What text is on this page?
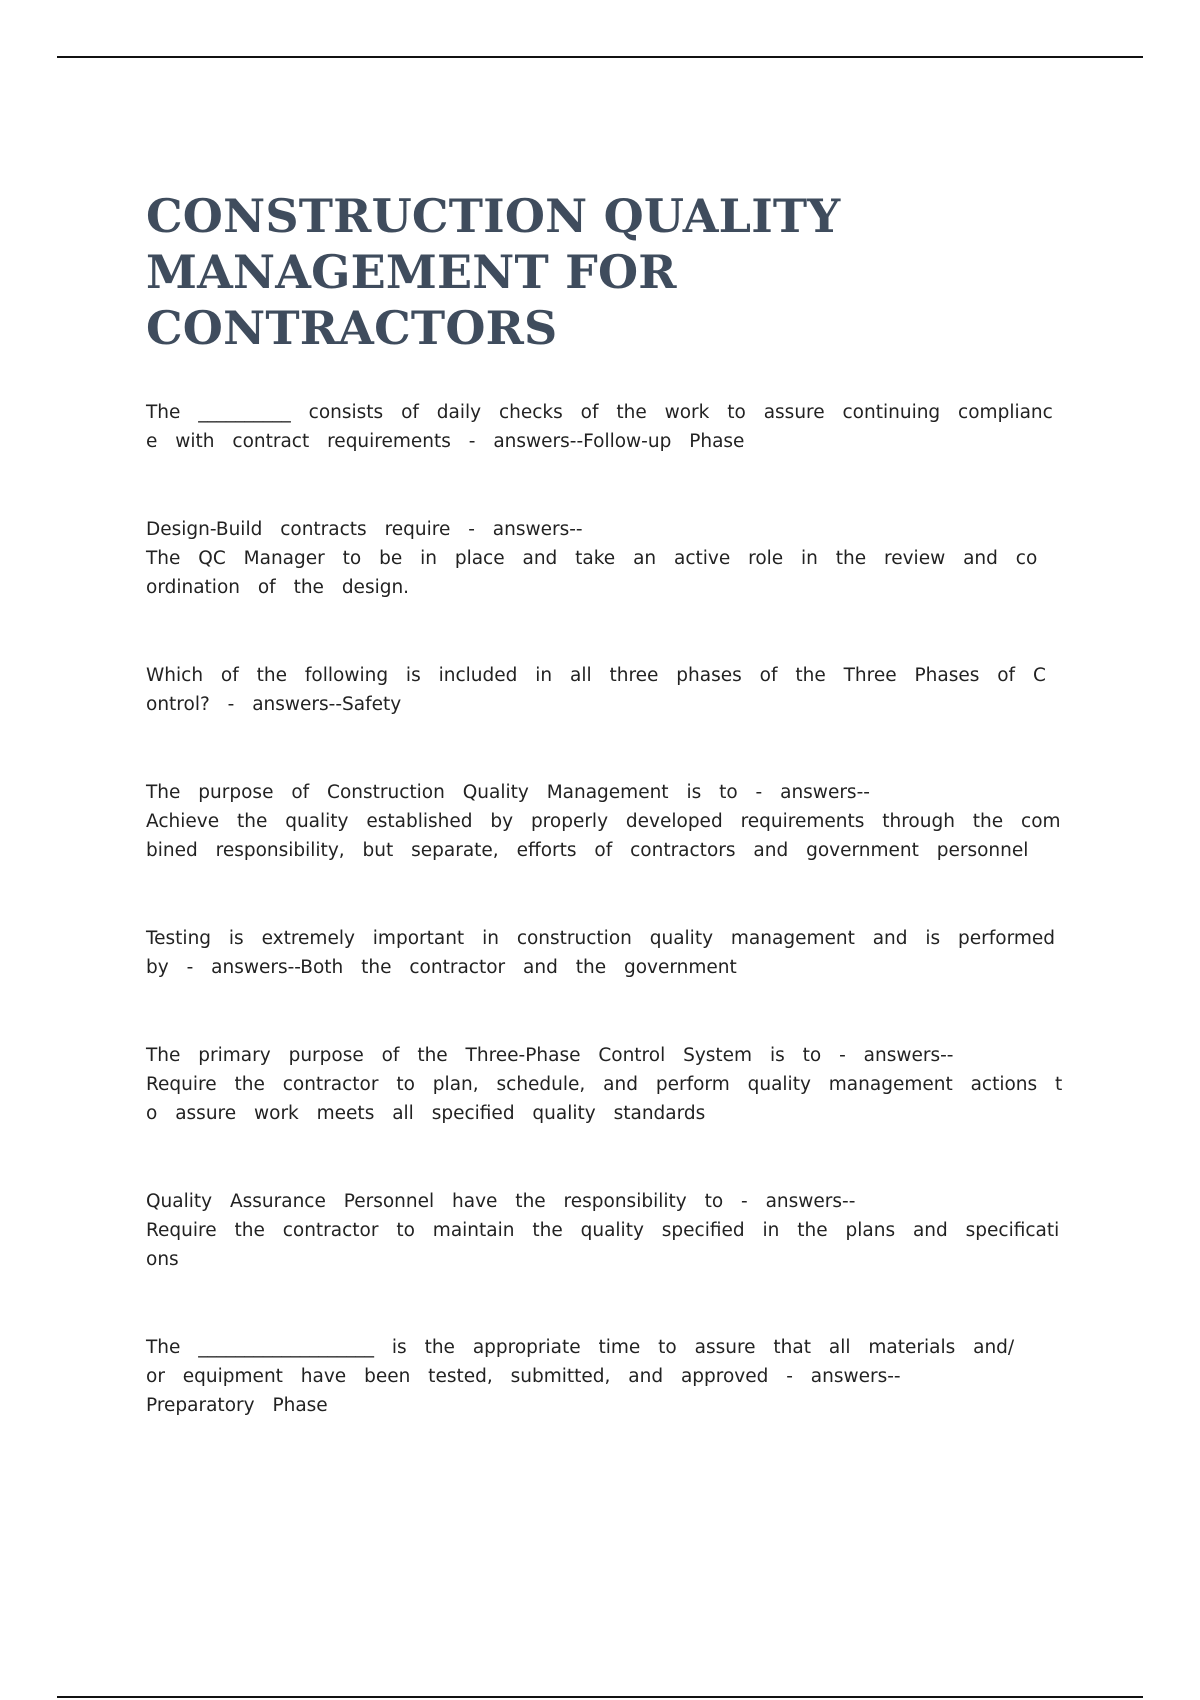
CONSTRUCTION QUALITY
MANAGEMENT FOR CONTRACTORS

The __________ consists of daily checks of the work to assure continuing complianc
e with contract requirements - answers--Follow-up Phase

Design-Build contracts require - answers--
The QC Manager to be in place and take an active role in the review and co
ordination of the design.

Which of the following is included in all three phases of the Three Phases of C
ontrol? - answers--Safety

The purpose of Construction Quality Management is to - answers--
Achieve the quality established by properly developed requirements through the com
bined responsibility, but separate, efforts of contractors and government personnel

Testing is extremely important in construction quality management and is performed
by - answers--Both the contractor and the government

The primary purpose of the Three-Phase Control System is to - answers--
Require the contractor to plan, schedule, and perform quality management actions t
o assure work meets all specified quality standards

Quality Assurance Personnel have the responsibility to - answers--
Require the contractor to maintain the quality specified in the plans and specificati
ons

The ___________________ is the appropriate time to assure that all materials and/
or equipment have been tested, submitted, and approved - answers--
Preparatory Phase
